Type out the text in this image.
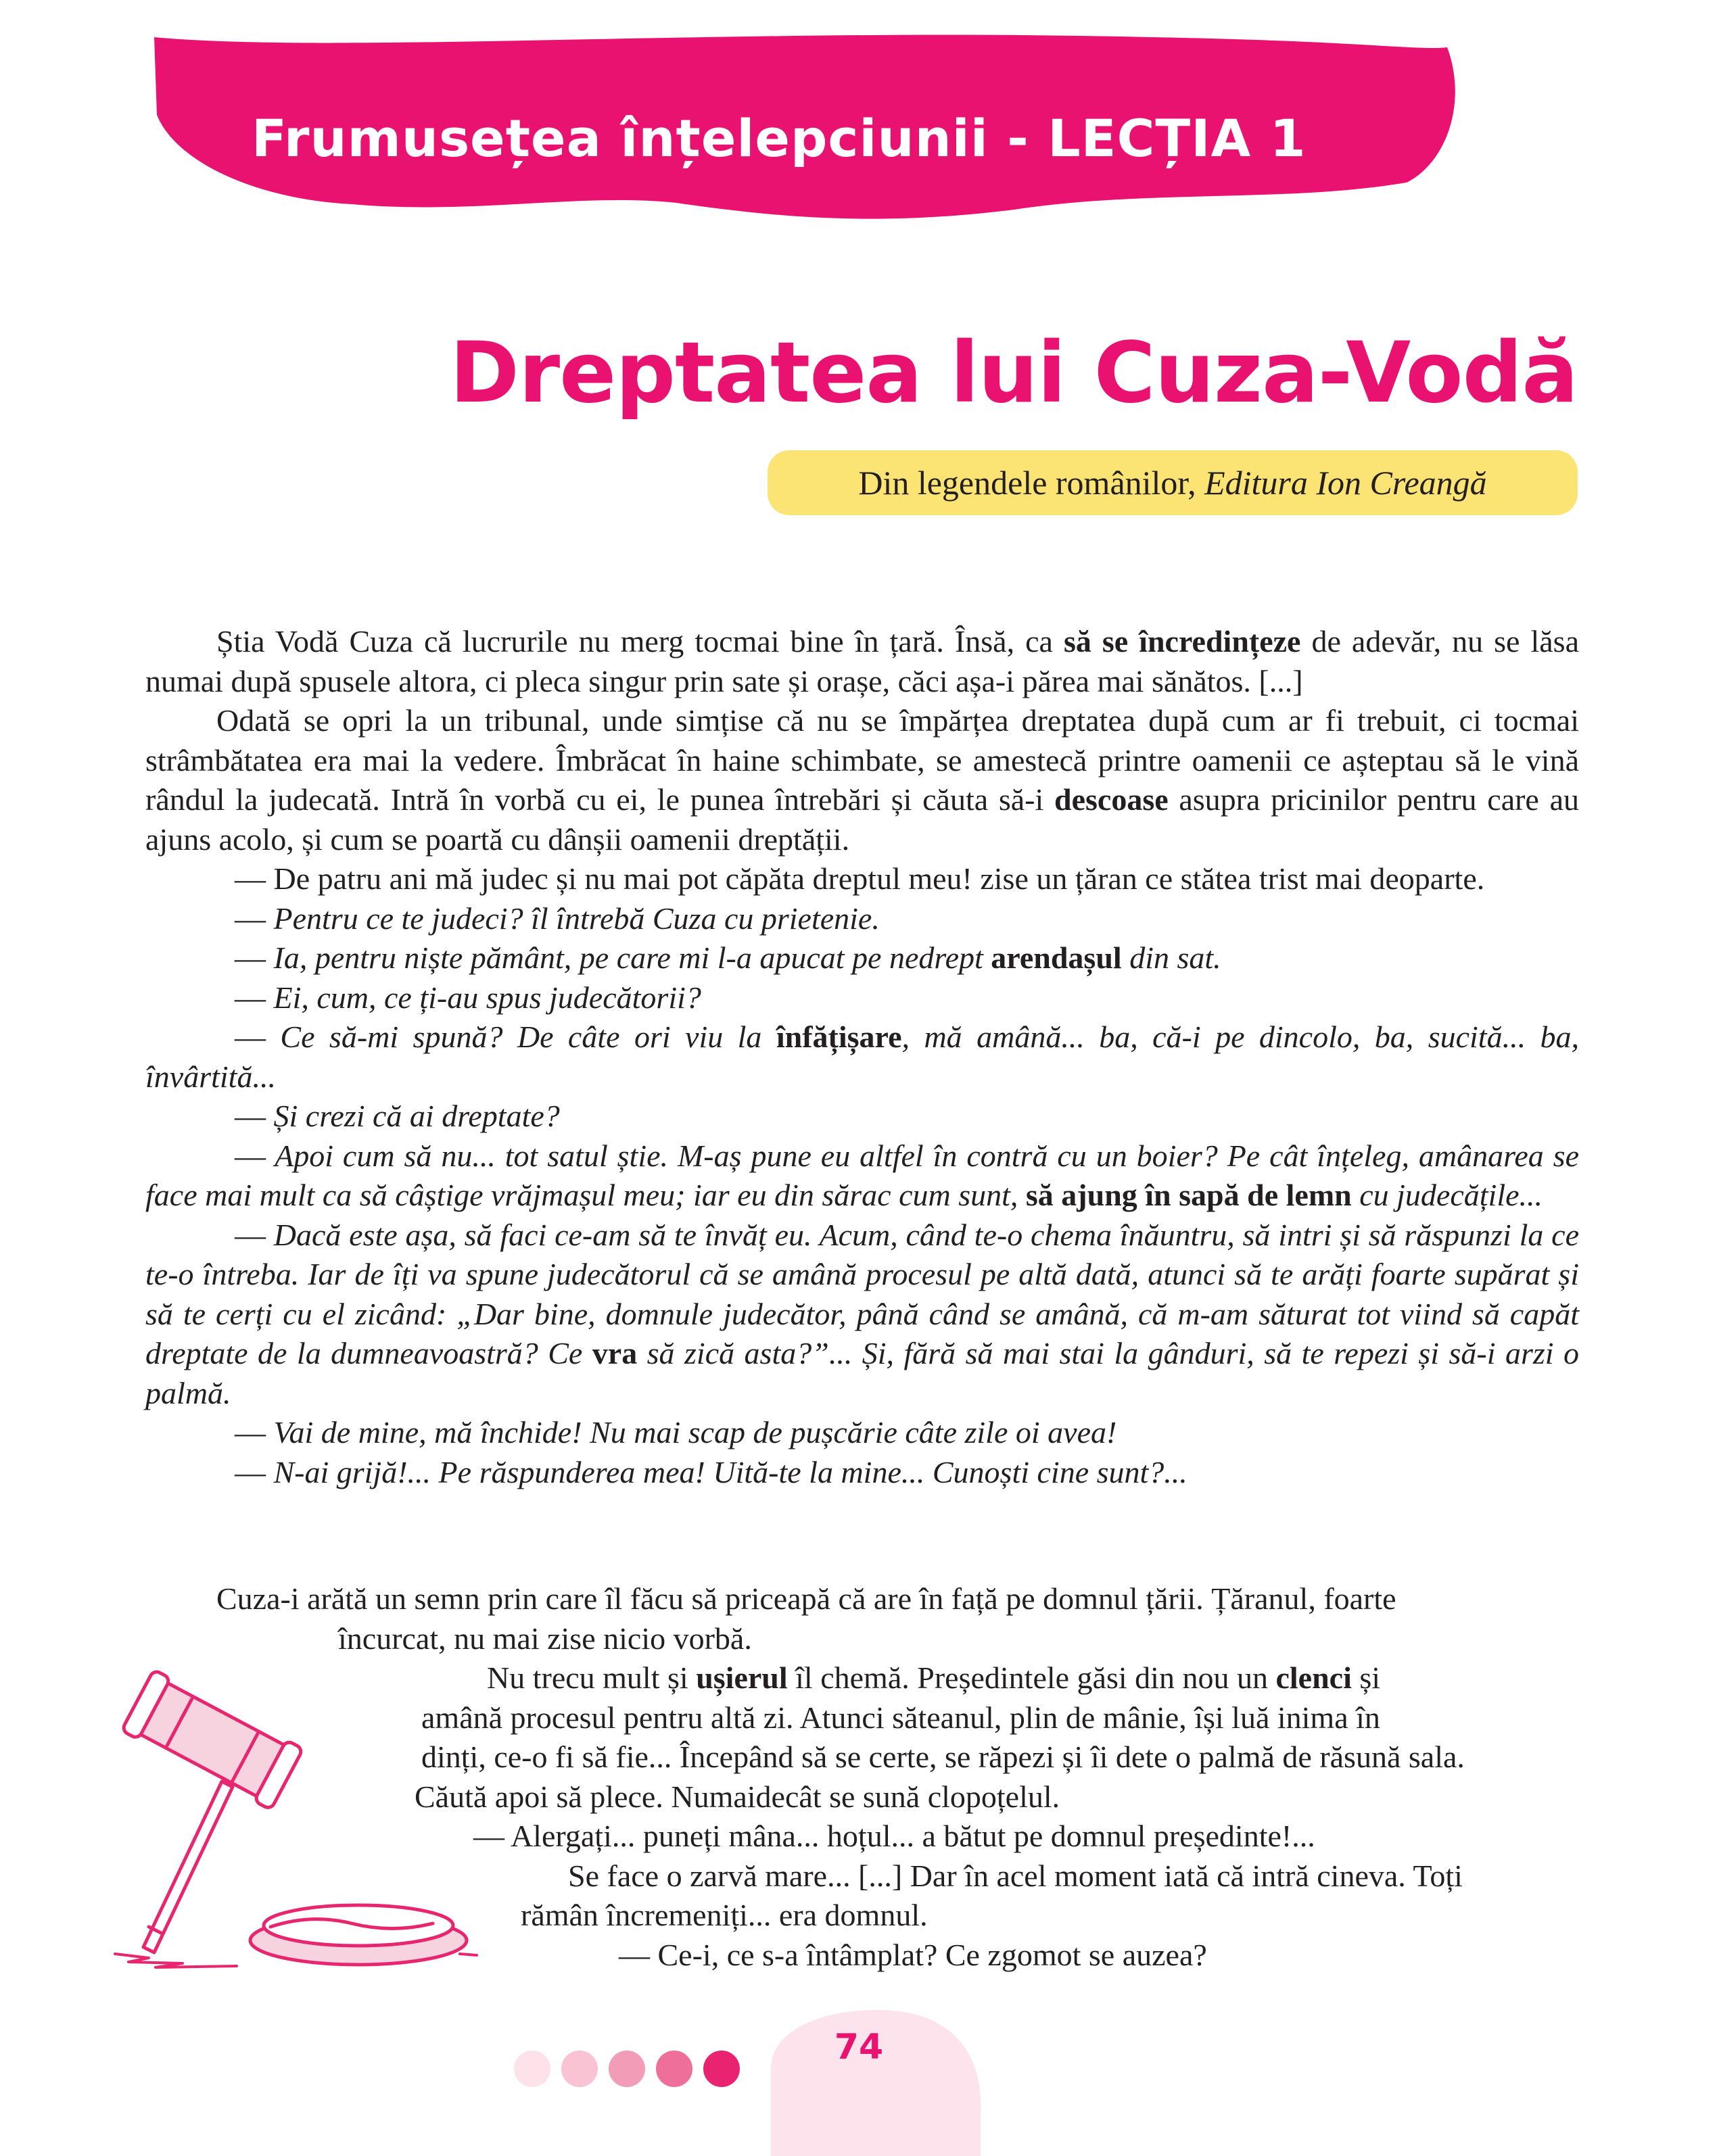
Frumusețea înțelepciunii - LECȚIA 1
Dreptatea lui Cuza-Vodă
Din legendele românilor,
Editura Ion Creangă

Știa Vodă Cuza că lucrurile nu merg tocmai bine în țară. Însă, ca să se încredințeze de adevăr, nu se lăsa numai după spusele altora, ci pleca singur prin sate și orașe, căci așa-i părea mai sănătos. [...]

Odată se opri la un tribunal, unde simțise că nu se împărțea dreptatea după cum ar fi trebuit, ci tocmai strâmbătatea era mai la vedere. Îmbrăcat în haine schimbate, se amestecă printre oamenii ce așteptau să le vină rândul la judecată. Intră în vorbă cu ei, le punea întrebări și căuta să-i descoase asupra pricinilor pentru care au ajuns acolo, și cum se poartă cu dânșii oamenii dreptății.

— De patru ani mă judec și nu mai pot căpăta dreptul meu! zise un țăran ce stătea trist mai deoparte.

— Pentru ce te judeci? îl întrebă Cuza cu prietenie.

— Ia, pentru niște pământ, pe care mi l-a apucat pe nedrept arendașul din sat.

— Ei, cum, ce ți-au spus judecătorii?

— Ce să-mi spună? De câte ori viu la înfățișare, mă amână... ba, că-i pe dincolo, ba, sucită... ba, învârtită...

— Și crezi că ai dreptate?

— Apoi cum să nu... tot satul știe. M-aș pune eu altfel în contră cu un boier? Pe cât înțeleg, amânarea se face mai mult ca să câștige vrăjmașul meu; iar eu din sărac cum sunt, să ajung în sapă de lemn cu judecățile...

— Dacă este așa, să faci ce-am să te învăț eu. Acum, când te-o chema înăuntru, să intri și să răspunzi la ce te-o întreba. Iar de îți va spune judecătorul că se amână procesul pe altă dată, atunci să te arăți foarte supărat și să te cerți cu el zicând: „Dar bine, domnule judecător, până când se amână, că m-am săturat tot viind să capăt dreptate de la dumneavoastră? Ce vra să zică asta?”... Și, fără să mai stai la gânduri, să te repezi și să-i arzi o palmă.

— Vai de mine, mă închide! Nu mai scap de pușcărie câte zile oi avea!

— N-ai grijă!... Pe răspunderea mea! Uită-te la mine... Cunoști cine sunt?...

Cuza-i arătă un semn prin care îl făcu să priceapă că are în față pe domnul țării. Țăranul, foarte

încurcat, nu mai zise nicio vorbă.

Nu trecu mult și ușierul îl chemă. Președintele găsi din nou un clenci și

amână procesul pentru altă zi. Atunci săteanul, plin de mânie, își luă inima în

dinți, ce-o fi să fie... Începând să se certe, se răpezi și îi dete o palmă de răsună sala.

Căută apoi să plece. Numaidecât se sună clopoțelul.

— Alergați... puneți mâna... hoțul... a bătut pe domnul președinte!...

Se face o zarvă mare... [...] Dar în acel moment iată că intră cineva. Toți

rămân încremeniți... era domnul.

— Ce-i, ce s-a întâmplat? Ce zgomot se auzea?

74
